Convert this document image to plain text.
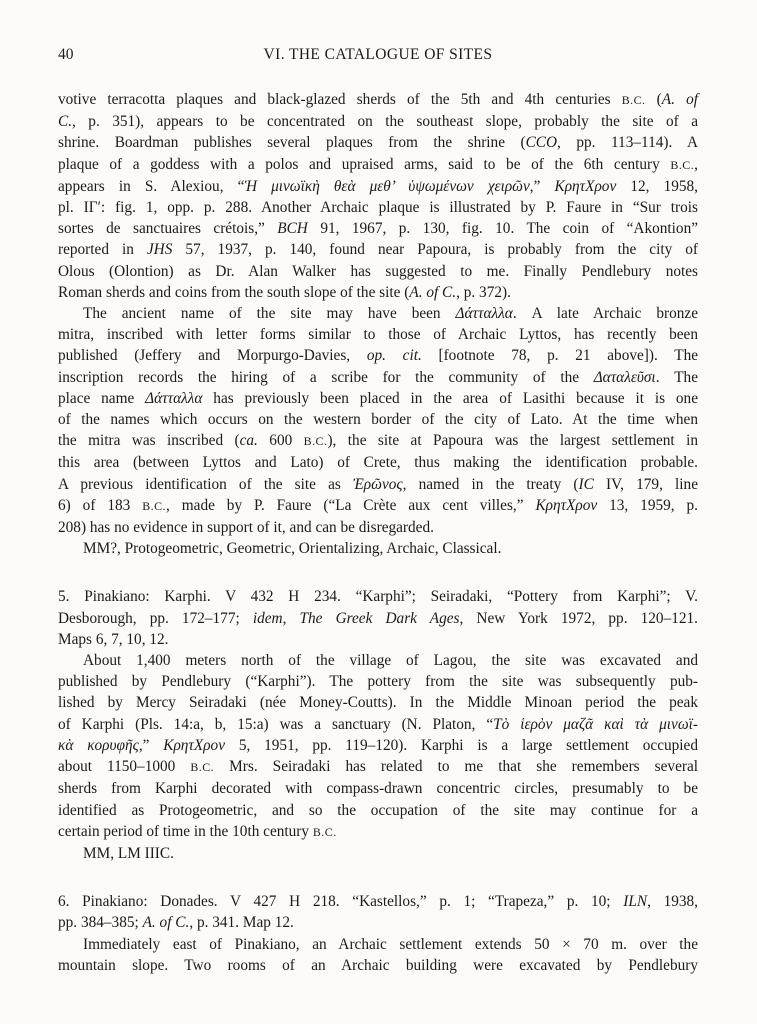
40	VI. THE CATALOGUE OF SITES
votive terracotta plaques and black-glazed sherds of the 5th and 4th centuries B.C. (A. of
C., p. 351), appears to be concentrated on the southeast slope, probably the site of a
shrine. Boardman publishes several plaques from the shrine (CCO, pp. 113–114). A
plaque of a goddess with a polos and upraised arms, said to be of the 6th century B.C.,
appears in S. Alexiou, “Ἡ μινωϊκὴ θεὰ μεθ’ ὑψωμένων χειρῶν,” ΚρητΧρον 12, 1958,
pl. ΙΓ′: fig. 1, opp. p. 288. Another Archaic plaque is illustrated by P. Faure in “Sur trois
sortes de sanctuaires crétois,” BCH 91, 1967, p. 130, fig. 10. The coin of “Akontion”
reported in JHS 57, 1937, p. 140, found near Papoura, is probably from the city of
Olous (Olontion) as Dr. Alan Walker has suggested to me. Finally Pendlebury notes
Roman sherds and coins from the south slope of the site (A. of C., p. 372).
The ancient name of the site may have been Δάτταλλα. A late Archaic bronze
mitra, inscribed with letter forms similar to those of Archaic Lyttos, has recently been
published (Jeffery and Morpurgo-Davies, op. cit. [footnote 78, p. 21 above]). The
inscription records the hiring of a scribe for the community of the Δαταλεῦσι. The
place name Δάτταλλα has previously been placed in the area of Lasithi because it is one
of the names which occurs on the western border of the city of Lato. At the time when
the mitra was inscribed (ca. 600 B.C.), the site at Papoura was the largest settlement in
this area (between Lyttos and Lato) of Crete, thus making the identification probable.
A previous identification of the site as Ἐρῶνος, named in the treaty (IC IV, 179, line
6) of 183 B.C., made by P. Faure (“La Crète aux cent villes,” ΚρητΧρον 13, 1959, p.
208) has no evidence in support of it, and can be disregarded.
MM?, Protogeometric, Geometric, Orientalizing, Archaic, Classical.
5. Pinakiano: Karphi. V 432 H 234. “Karphi”; Seiradaki, “Pottery from Karphi”; V.
Desborough, pp. 172–177; idem, The Greek Dark Ages, New York 1972, pp. 120–121.
Maps 6, 7, 10, 12.
About 1,400 meters north of the village of Lagou, the site was excavated and
published by Pendlebury (“Karphi”). The pottery from the site was subsequently pub-
lished by Mercy Seiradaki (née Money-Coutts). In the Middle Minoan period the peak
of Karphi (Pls. 14:a, b, 15:a) was a sanctuary (N. Platon, “Τὸ ἱερὸν μαζᾶ καὶ τὰ μινωϊ-
κὰ κορυφῆς,” ΚρητΧρον 5, 1951, pp. 119–120). Karphi is a large settlement occupied
about 1150–1000 B.C. Mrs. Seiradaki has related to me that she remembers several
sherds from Karphi decorated with compass-drawn concentric circles, presumably to be
identified as Protogeometric, and so the occupation of the site may continue for a
certain period of time in the 10th century B.C.
MM, LM IIIC.
6. Pinakiano: Donades. V 427 H 218. “Kastellos,” p. 1; “Trapeza,” p. 10; ILN, 1938,
pp. 384–385; A. of C., p. 341. Map 12.
Immediately east of Pinakiano, an Archaic settlement extends 50 × 70 m. over the
mountain slope. Two rooms of an Archaic building were excavated by Pendlebury
